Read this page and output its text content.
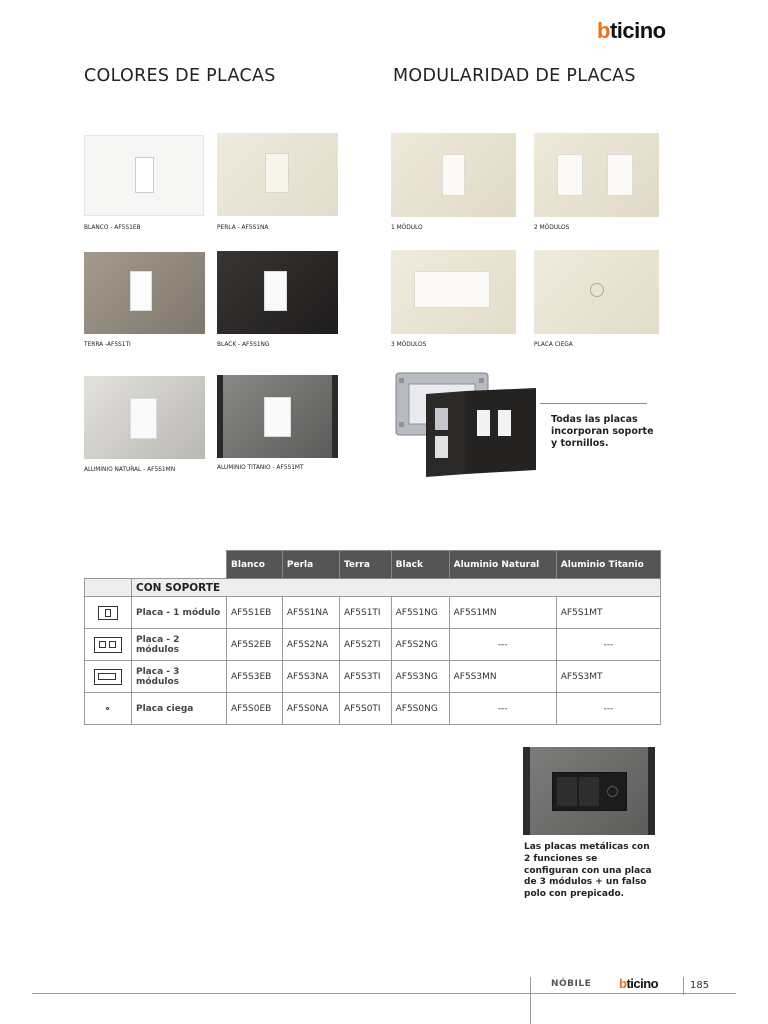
bticino
COLORES DE PLACAS	MODULARIDAD DE PLACAS
BLANCO - AF5S1EB	PERLA - AF5S1NA
TERRA -AF5S1TI	BLACK - AF5S1NG
ALUMINIO NATURAL - AF5S1MN	ALUMINIO TITANIO - AF5S1MT
1 MÓDULO	2 MÓDULOS
3 MÓDULOS	PLACA CIEGA
Todas las placas incorporan soporte y tornillos.
		Blanco	Perla	Terra	Black	Aluminio Natural	Aluminio Titanio
	CON SOPORTE						

	Placa - 1 módulo	AF5S1EB	AF5S1NA	AF5S1TI	AF5S1NG	AF5S1MN	AF5S1MT

	Placa - 2 módulos	AF5S2EB	AF5S2NA	AF5S2TI	AF5S2NG	---	---

	Placa - 3 módulos	AF5S3EB	AF5S3NA	AF5S3TI	AF5S3NG	AF5S3MN	AF5S3MT

	Placa ciega	AF5S0EB	AF5S0NA	AF5S0TI	AF5S0NG	---	---
Las placas metálicas con 2 funciones se configuran con una placa de 3 módulos + un falso polo con prepicado.
NÓBILE bticino	185
